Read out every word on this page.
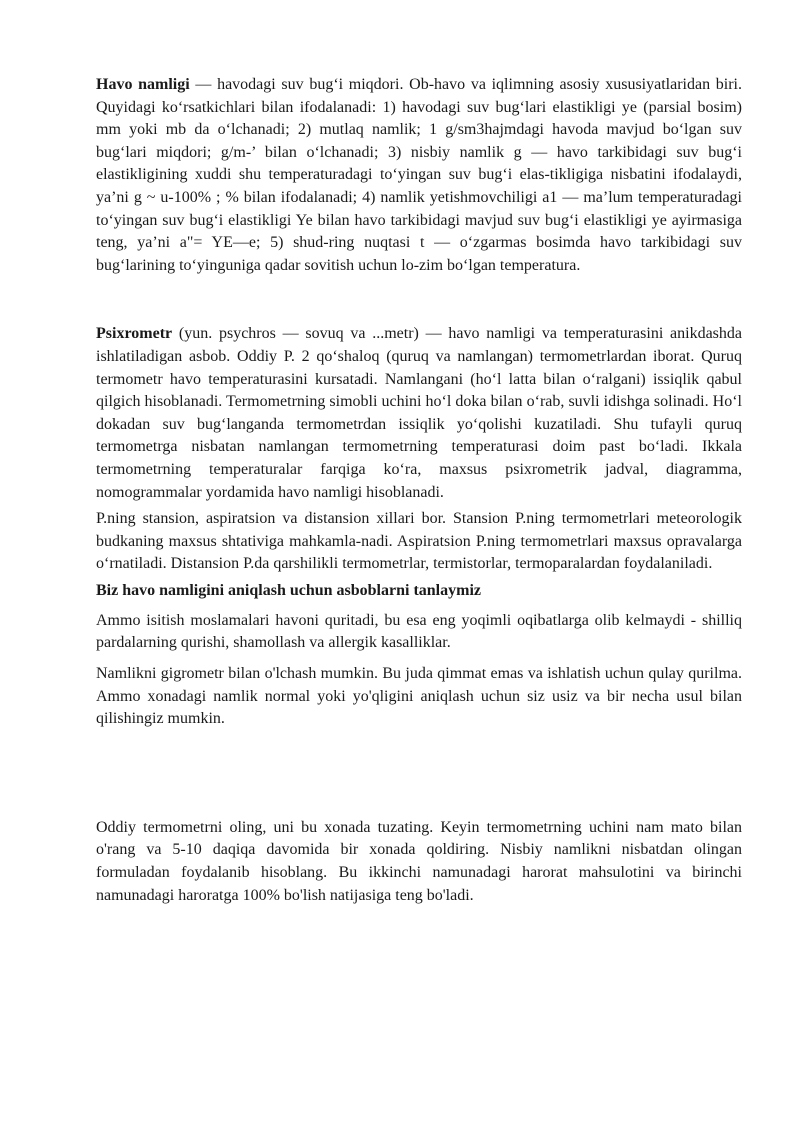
Havo namligi — havodagi suv bug‘i miqdori. Ob-havo va iqlimning asosiy xususiyatlaridan biri. Quyidagi ko‘rsatkichlari bilan ifodalanadi: 1) havodagi suv bug‘lari elastikligi ye (parsial bosim) mm yoki mb da o‘lchanadi; 2) mutlaq namlik; 1 g/sm3hajmdagi havoda mavjud bo‘lgan suv bug‘lari miqdori; g/m-’ bilan o‘lchanadi; 3) nisbiy namlik g — havo tarkibidagi suv bug‘i elastikligining xuddi shu temperaturadagi to‘yingan suv bug‘i elas-tikligiga nisbatini ifodalaydi, ya’ni g ~ u-100% ; % bilan ifodalanadi; 4) namlik yetishmovchiligi a1 — ma’lum temperaturadagi to‘yingan suv bug‘i elastikligi Ye bilan havo tarkibidagi mavjud suv bug‘i elastikligi ye ayirmasiga teng, ya’ni a"= YE—e; 5) shud-ring nuqtasi t — o‘zgarmas bosimda havo tarkibidagi suv bug‘larining to‘yinguniga qadar sovitish uchun lo-zim bo‘lgan temperatura.

Psixrometr (yun. psychros — sovuq va ...metr) — havo namligi va temperaturasini anikdashda ishlatiladigan asbob. Oddiy P. 2 qo‘shaloq (quruq va namlangan) termometrlardan iborat. Quruq termometr havo temperaturasini kursatadi. Namlangani (ho‘l latta bilan o‘ralgani) issiqlik qabul qilgich hisoblanadi. Termometrning simobli uchini ho‘l doka bilan o‘rab, suvli idishga solinadi. Ho‘l dokadan suv bug‘langanda termometrdan issiqlik yo‘qolishi kuzatiladi. Shu tufayli quruq termometrga nisbatan namlangan termometrning temperaturasi doim past bo‘ladi. Ikkala termometrning temperaturalar farqiga ko‘ra, maxsus psixrometrik jadval, diagramma, nomogrammalar yordamida havo namligi hisoblanadi.

P.ning stansion, aspiratsion va distansion xillari bor. Stansion P.ning termometrlari meteorologik budkaning maxsus shtativiga mahkamla-nadi. Aspiratsion P.ning termometrlari maxsus opravalarga o‘rnatiladi. Distansion P.da qarshilikli termometrlar, termistorlar, termoparalardan foydalaniladi.

Biz havo namligini aniqlash uchun asboblarni tanlaymiz

Ammo isitish moslamalari havoni quritadi, bu esa eng yoqimli oqibatlarga olib kelmaydi - shilliq pardalarning qurishi, shamollash va allergik kasalliklar.

Namlikni gigrometr bilan o'lchash mumkin. Bu juda qimmat emas va ishlatish uchun qulay qurilma. Ammo xonadagi namlik normal yoki yo'qligini aniqlash uchun siz usiz va bir necha usul bilan qilishingiz mumkin.

Oddiy termometrni oling, uni bu xonada tuzating. Keyin termometrning uchini nam mato bilan o'rang va 5-10 daqiqa davomida bir xonada qoldiring. Nisbiy namlikni nisbatdan olingan formuladan foydalanib hisoblang. Bu ikkinchi namunadagi harorat mahsulotini va birinchi namunadagi haroratga 100% bo'lish natijasiga teng bo'ladi.
